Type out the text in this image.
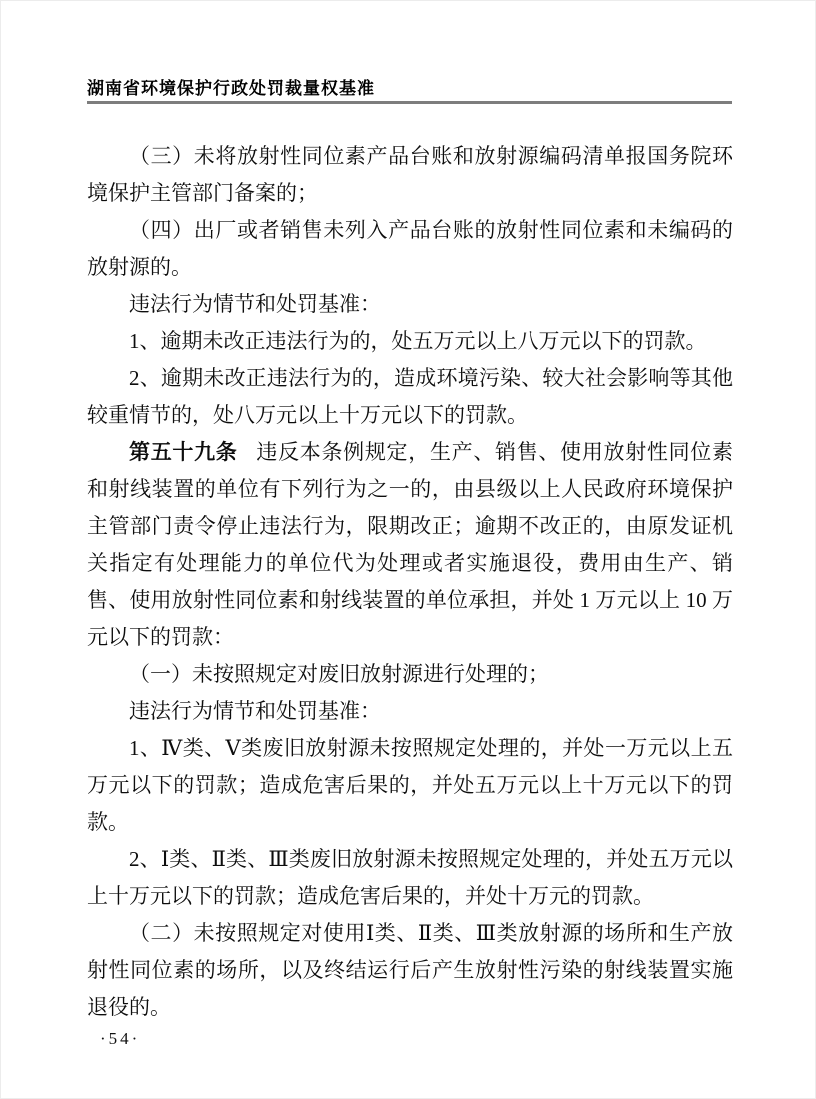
湖南省环境保护行政处罚裁量权基准

（三）未将放射性同位素产品台账和放射源编码清单报国务院环境保护主管部门备案的；

（四）出厂或者销售未列入产品台账的放射性同位素和未编码的放射源的。

违法行为情节和处罚基准：

1、逾期未改正违法行为的，处五万元以上八万元以下的罚款。

2、逾期未改正违法行为的，造成环境污染、较大社会影响等其他较重情节的，处八万元以上十万元以下的罚款。

第五十九条 违反本条例规定，生产、销售、使用放射性同位素和射线装置的单位有下列行为之一的，由县级以上人民政府环境保护主管部门责令停止违法行为，限期改正；逾期不改正的，由原发证机关指定有处理能力的单位代为处理或者实施退役，费用由生产、销售、使用放射性同位素和射线装置的单位承担，并处 1 万元以上 10 万元以下的罚款：

（一）未按照规定对废旧放射源进行处理的；

违法行为情节和处罚基准：

1、Ⅳ类、Ⅴ类废旧放射源未按照规定处理的，并处一万元以上五万元以下的罚款；造成危害后果的，并处五万元以上十万元以下的罚款。

2、Ⅰ类、Ⅱ类、Ⅲ类废旧放射源未按照规定处理的，并处五万元以上十万元以下的罚款；造成危害后果的，并处十万元的罚款。

（二）未按照规定对使用Ⅰ类、Ⅱ类、Ⅲ类放射源的场所和生产放射性同位素的场所，以及终结运行后产生放射性污染的射线装置实施退役的。

·54·
